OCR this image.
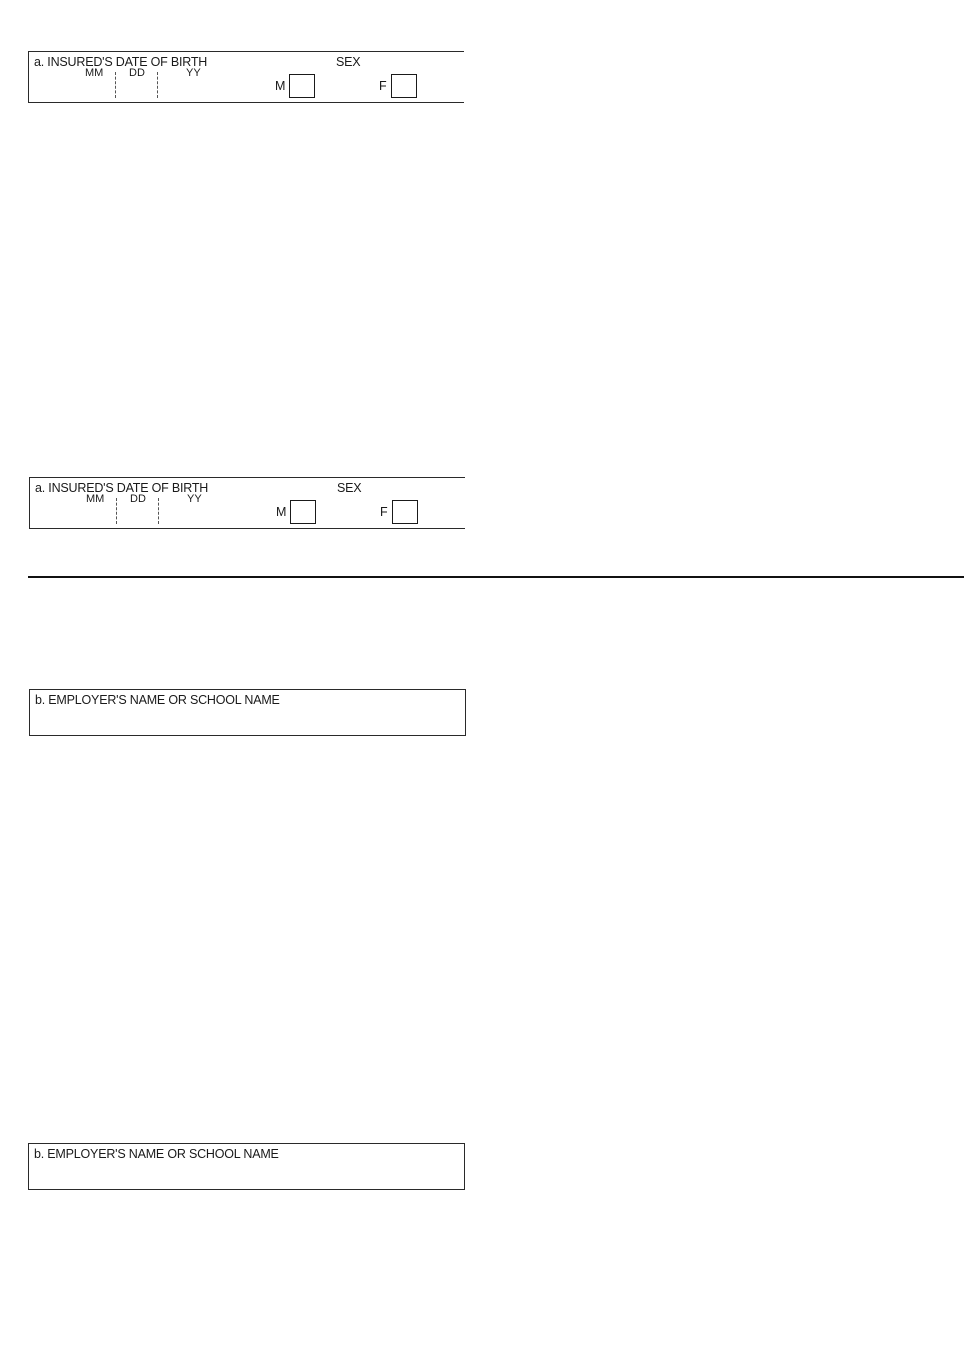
a. INSURED'S DATE OF BIRTH
MM DD	YY
SEX
M	F
a. INSURED'S DATE OF BIRTH
MM DD	YY
SEX
M	F
b. EMPLOYER'S NAME OR SCHOOL NAME
b. EMPLOYER'S NAME OR SCHOOL NAME
